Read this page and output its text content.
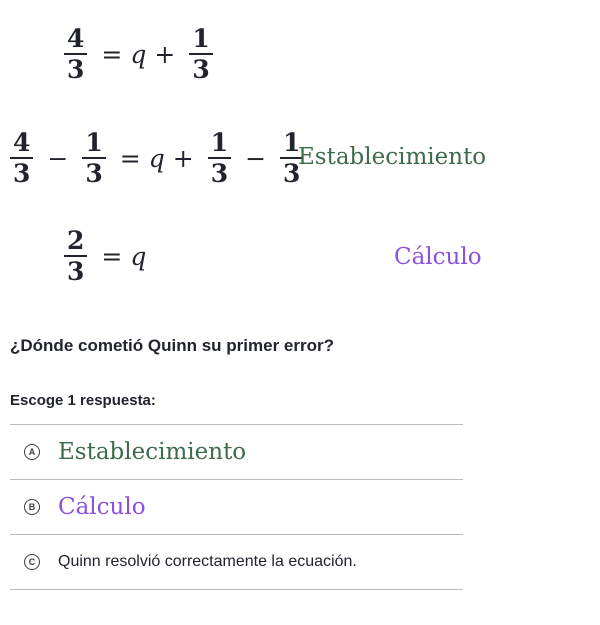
$\frac{4}{3} = q + \frac{1}{3}$
$\frac{4}{3} - \frac{1}{3} = q + \frac{1}{3} - \frac{1}{3}$
Establecimiento
$\frac{2}{3} = q$	Cálculo
¿Dónde cometió Quinn su primer error?
Escoge 1 respuesta:
A Establecimiento
B Cálculo
C Quinn resolvió correctamente la ecuación.
